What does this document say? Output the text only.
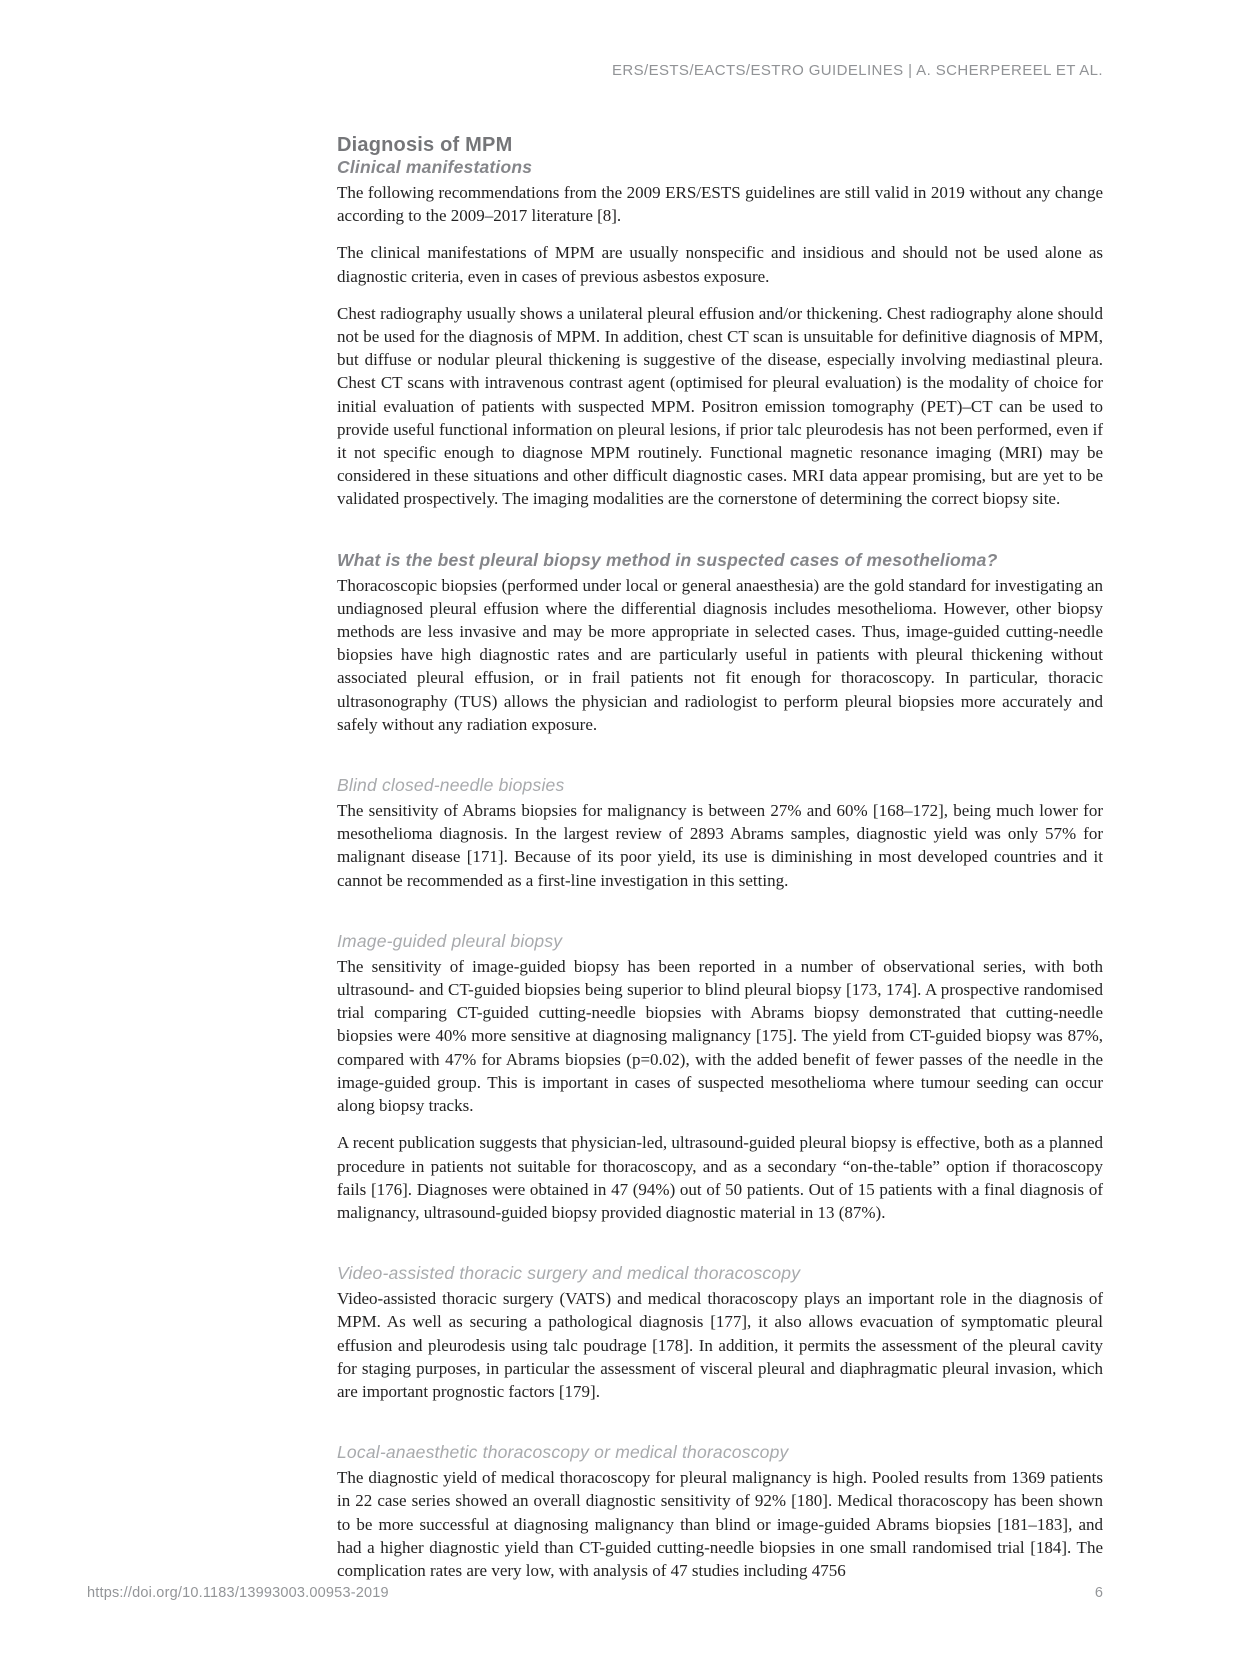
ERS/ESTS/EACTS/ESTRO GUIDELINES | A. SCHERPEREEL ET AL.
Diagnosis of MPM
Clinical manifestations

The following recommendations from the 2009 ERS/ESTS guidelines are still valid in 2019 without any change according to the 2009–2017 literature [8].

The clinical manifestations of MPM are usually nonspecific and insidious and should not be used alone as diagnostic criteria, even in cases of previous asbestos exposure.

Chest radiography usually shows a unilateral pleural effusion and/or thickening. Chest radiography alone should not be used for the diagnosis of MPM. In addition, chest CT scan is unsuitable for definitive diagnosis of MPM, but diffuse or nodular pleural thickening is suggestive of the disease, especially involving mediastinal pleura. Chest CT scans with intravenous contrast agent (optimised for pleural evaluation) is the modality of choice for initial evaluation of patients with suspected MPM. Positron emission tomography (PET)–CT can be used to provide useful functional information on pleural lesions, if prior talc pleurodesis has not been performed, even if it not specific enough to diagnose MPM routinely. Functional magnetic resonance imaging (MRI) may be considered in these situations and other difficult diagnostic cases. MRI data appear promising, but are yet to be validated prospectively. The imaging modalities are the cornerstone of determining the correct biopsy site.

What is the best pleural biopsy method in suspected cases of mesothelioma?

Thoracoscopic biopsies (performed under local or general anaesthesia) are the gold standard for investigating an undiagnosed pleural effusion where the differential diagnosis includes mesothelioma. However, other biopsy methods are less invasive and may be more appropriate in selected cases. Thus, image-guided cutting-needle biopsies have high diagnostic rates and are particularly useful in patients with pleural thickening without associated pleural effusion, or in frail patients not fit enough for thoracoscopy. In particular, thoracic ultrasonography (TUS) allows the physician and radiologist to perform pleural biopsies more accurately and safely without any radiation exposure.

Blind closed-needle biopsies

The sensitivity of Abrams biopsies for malignancy is between 27% and 60% [168–172], being much lower for mesothelioma diagnosis. In the largest review of 2893 Abrams samples, diagnostic yield was only 57% for malignant disease [171]. Because of its poor yield, its use is diminishing in most developed countries and it cannot be recommended as a first-line investigation in this setting.

Image-guided pleural biopsy

The sensitivity of image-guided biopsy has been reported in a number of observational series, with both ultrasound- and CT-guided biopsies being superior to blind pleural biopsy [173, 174]. A prospective randomised trial comparing CT-guided cutting-needle biopsies with Abrams biopsy demonstrated that cutting-needle biopsies were 40% more sensitive at diagnosing malignancy [175]. The yield from CT-guided biopsy was 87%, compared with 47% for Abrams biopsies (p=0.02), with the added benefit of fewer passes of the needle in the image-guided group. This is important in cases of suspected mesothelioma where tumour seeding can occur along biopsy tracks.

A recent publication suggests that physician-led, ultrasound-guided pleural biopsy is effective, both as a planned procedure in patients not suitable for thoracoscopy, and as a secondary “on-the-table” option if thoracoscopy fails [176]. Diagnoses were obtained in 47 (94%) out of 50 patients. Out of 15 patients with a final diagnosis of malignancy, ultrasound-guided biopsy provided diagnostic material in 13 (87%).

Video-assisted thoracic surgery and medical thoracoscopy

Video-assisted thoracic surgery (VATS) and medical thoracoscopy plays an important role in the diagnosis of MPM. As well as securing a pathological diagnosis [177], it also allows evacuation of symptomatic pleural effusion and pleurodesis using talc poudrage [178]. In addition, it permits the assessment of the pleural cavity for staging purposes, in particular the assessment of visceral pleural and diaphragmatic pleural invasion, which are important prognostic factors [179].

Local-anaesthetic thoracoscopy or medical thoracoscopy

The diagnostic yield of medical thoracoscopy for pleural malignancy is high. Pooled results from 1369 patients in 22 case series showed an overall diagnostic sensitivity of 92% [180]. Medical thoracoscopy has been shown to be more successful at diagnosing malignancy than blind or image-guided Abrams biopsies [181–183], and had a higher diagnostic yield than CT-guided cutting-needle biopsies in one small randomised trial [184]. The complication rates are very low, with analysis of 47 studies including 4756

https://doi.org/10.1183/13993003.00953-2019	6
